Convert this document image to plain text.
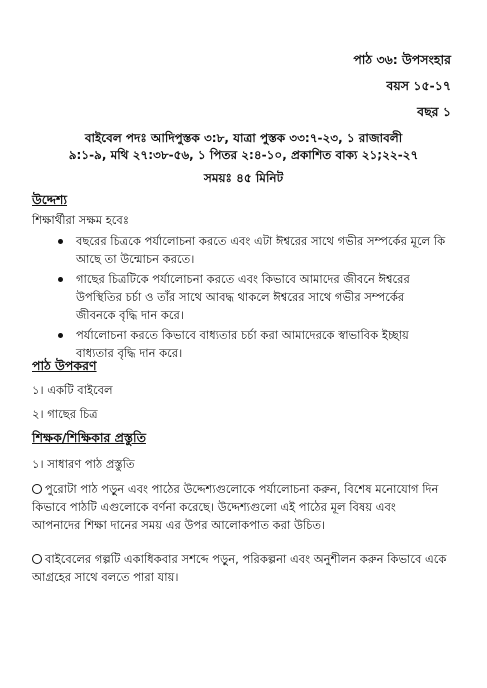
পাঠ ৩৬: উপসংহার
বয়স ১৫-১৭
বছর ১
বাইবেল পদঃ আদিপুস্তক ৩:৮, যাত্রা পুস্তক ৩৩:৭-২৩, ১ রাজাবলী
৯:১-৯, মথি ২৭:৩৮-৫৬, ১ পিতর ২:৪-১০, প্রকাশিত বাক্য ২১;২২-২৭
সময়ঃ ৪৫ মিনিট
উদ্দেশ্য
শিক্ষার্থীরা সক্ষম হবেঃ
বছরের চিত্রকে পর্যালোচনা করতে এবং এটা ঈশ্বরের সাথে গভীর সম্পর্কের মূলে কি আছে তা উন্মোচন করতে।
গাছের চিত্রটিকে পর্যালোচনা করতে এবং কিভাবে আমাদের জীবনে ঈশ্বরের উপস্থিতির চর্চা ও তাঁর সাথে আবদ্ধ থাকলে ঈশ্বরের সাথে গভীর সম্পর্কের জীবনকে বৃদ্ধি দান করে।
পর্যালোচনা করতে কিভাবে বাধ্যতার চর্চা করা আমাদেরকে স্বাভাবিক ইচ্ছায় বাধ্যতার বৃদ্ধি দান করে।
পাঠ উপকরণ
১। একটি বাইবেল
২। গাছের চিত্র
শিক্ষক/শিক্ষিকার প্রস্তুতি
১। সাধারণ পাঠ প্রস্তুতি
পুরোটা পাঠ পড়ুন এবং পাঠের উদ্দেশ্যগুলোকে পর্যালোচনা করুন, বিশেষ মনোযোগ দিন কিভাবে পাঠটি এগুলোকে বর্ণনা করেছে। উদ্দেশ্যগুলো এই পাঠের মূল বিষয় এবং আপনাদের শিক্ষা দানের সময় এর উপর আলোকপাত করা উচিত।
বাইবেলের গল্পটি একাধিকবার সশব্দে পড়ুন, পরিকল্পনা এবং অনুশীলন করুন কিভাবে একে আগ্রহের সাথে বলতে পারা যায়।
